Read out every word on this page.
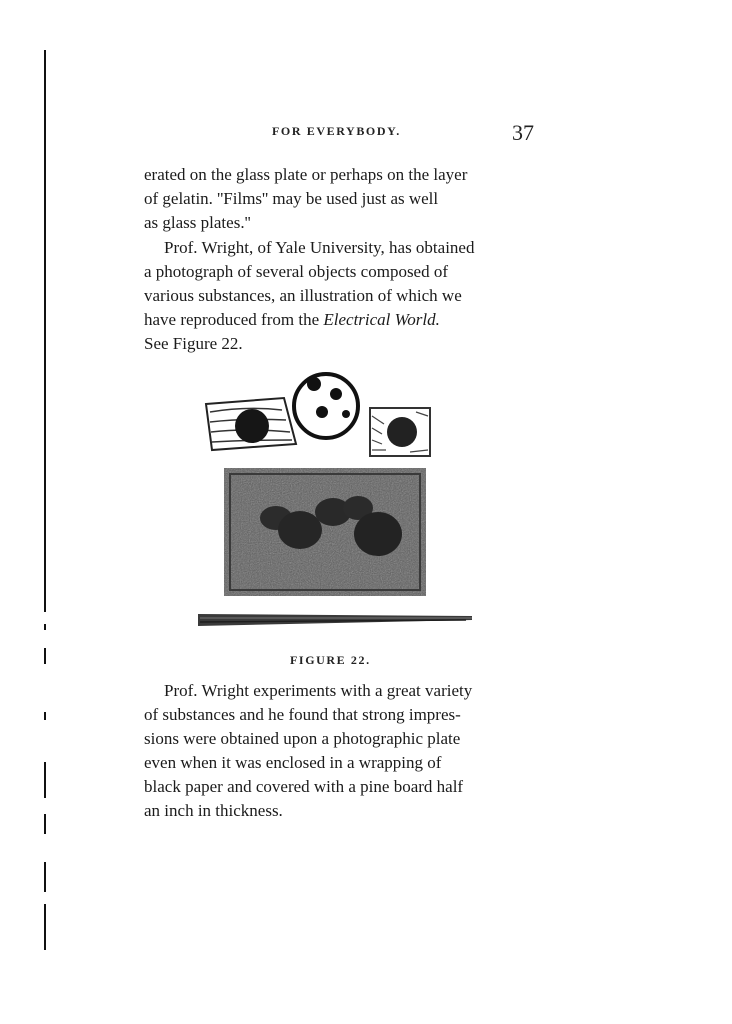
FOR EVERYBODY.	37

erated on the glass plate or perhaps on the layer

of gelatin. ''Films'' may be used just as well

as glass plates.''

Prof. Wright, of Yale University, has obtained

a photograph of several objects composed of

various substances, an illustration of which we

have reproduced from the Electrical World.

See Figure 22.

FIGURE 22.

Prof. Wright experiments with a great variety

of substances and he found that strong impres-

sions were obtained upon a photographic plate

even when it was enclosed in a wrapping of

black paper and covered with a pine board half

an inch in thickness.
